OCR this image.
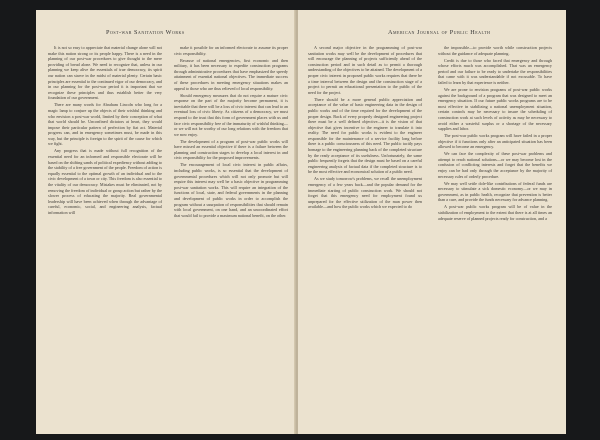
Post-war Sanitation Works

It is not so easy to appreciate that material change alone will not make this nation strong or its people happy. There is a need in the planning of our post-war procedures to give thought to the mere providing of bread alone. We need to recognize that, unless in our planning we keep alive the essentials of true democracy, its spirit our nation can starve in the midst of material plenty. Certain basic principles are essential to the continued vigor of our democracy, and in our planning for the post-war period it is important that we recognize these principles and thus establish better the very foundation of our government.

There are many words for Abraham Lincoln who long for a magic lamp to conjure up the objects of their wishful thinking and who envision a post-war world, limited by their conception of what that world should be. Unconfined dictators at heart, they would impose their particular pattern of perfection by fiat act. Material progress can, and in emergency sometimes must, be made in this way, but the principle is foreign to the spirit of the cause for which we fight.

Any progress that is made without full recognition of the essential need for an informed and responsible electorate will be based on the shifting sands of political expediency without adding to the stability of a free government of the people. Freedom of action is equally essential to the optimal growth of an individual and to the civic development of a town or city. This freedom is also essential to the vitality of our democracy. Mistakes must be eliminated, not by removing the freedom of individual or group action but rather by the slower process of educating the majority. Real governmental leadership will have been achieved when through the advantage of careful, economic, social, and engineering analysis, factual information will

make it possible for an informed electorate to assume its proper civic responsibility.

Because of national emergencies, first economic and then military, it has been necessary to expedite construction programs through administrative procedures that have emphasized the speedy attainment of essential national objectives. The immediate success of these procedures in meeting emergency situations makes an appeal to those who are thus relieved of local responsibility.

Should emergency measures that do not require a mature civic response on the part of the majority become permanent, it is inevitable that there will be a loss of civic interest that can lead to an eventual loss of civic liberty. As citizens of a democracy, we must respond to the trust that this form of government places with us and face civic responsibility free of the immaturity of wishful thinking—or we will not be worthy of our long relations with the freedom that we now enjoy.

The development of a program of post-war public works will have missed an essential objective if there is a failure between the planning and construction stages to develop a local interest in and civic responsibility for the proposed improvements.

The encouragement of local civic interest in public affairs, including public works, is so essential that the development of governmental procedures which will not only promote but will require this interest may well be a basic objective in programming post-war sanitation works. This will require an integration of the functions of local, state, and federal governments in the planning and development of public works in order to accomplish the program without a usurpation of responsibilities that should remain with local government, on one hand, and an uncoordinated effort that would fail to provide a maximum national benefit, on the other.

American Journal of Public Health

A second major objective in the programming of post-war sanitation works may well be the development of procedures that will encourage the planning of projects sufficiently ahead of the construction period and in such detail as to permit a thorough understanding of the objectives to be attained. The development of a proper civic interest in proposed public works requires that there be a time interval between the design and the construction stage of a project to permit an educational presentation to the public of the need for the project.

There should be a more general public appreciation and acceptance of the value of basic engineering data in the design of public works and of the time required for the development of the proper design. Back of every properly designed engineering project there must be a well defined objective—it is the vision of that objective that gives incentive to the engineer to translate it into reality. The need for public works is evident to the engineer responsible for the maintenance of a service facility long before there is a public consciousness of this need. The public tacitly pays homage to the engineering planning back of the completed structure by the ready acceptance of its usefulness. Unfortunately, the same public frequently forgets that the design must be based on a careful engineering analysis of factual data if the completed structure is to be the most effective and economical solution of a public need.

As we study tomorrow's problems, we recall the unemployment emergency of a few years back—and the popular demand for the immediate starting of public construction work. We should not forget that this emergency need for employment found us unprepared for the effective utilization of the man power then available—and how the public works which we expected to do

the impossible—to provide worth while construction projects without the guidance of adequate planning.

Credit is due to those who faced that emergency and through whose efforts much was accomplished. That was an emergency period and our failure to be ready to undertake the responsibilities that came with it was understandable if not excusable. To have failed to learn by that experience is neither.

We are prone to envision programs of post-war public works against the background of a program that was designed to meet an emergency situation. If our future public works programs are to be most effective in stabilizing a national unemployment situation, certain controls may be necessary to insure the scheduling of construction work at such levels of activity as may be necessary to avoid either a wasteful surplus or a shortage of the necessary supplies and labor.

The post-war public works program will have failed in a proper objective if it functions only after an anticipated situation has been allowed to become an emergency.

We can face the complexity of these post-war problems and attempt to reach national solutions—or we may become lost in the confusion of conflicting interests and forget that the benefits we enjoy can be had only through the acceptance by the majority of necessary rules of orderly procedure.

We may well settle dole-like contributions of federal funds are necessary to stimulate a sick domestic economy—or we may in government, as in public health, recognize that prevention is better than a cure, and provide the funds necessary for advance planning.

A post-war public works program will be of value in the stabilization of employment to the extent that there is at all times an adequate reserve of planned projects ready for construction, and a
